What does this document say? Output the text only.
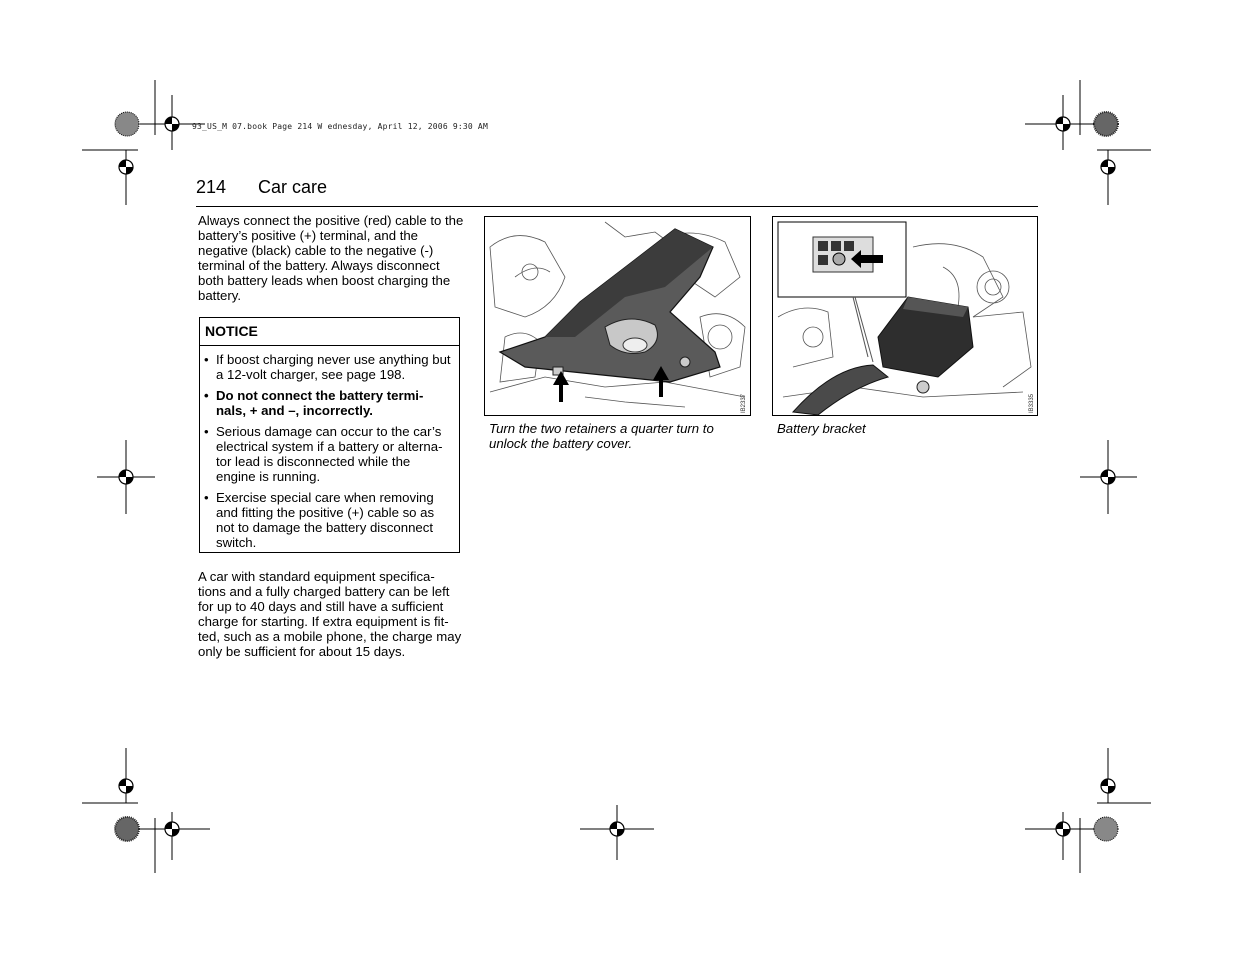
93_US_M 07.book Page 214 W ednesday, April 12, 2006 9:30 AM
214 Car care

Always connect the positive (red) cable to the battery’s positive (+) terminal, and the negative (black) cable to the negative (-) terminal of the battery. Always disconnect both battery leads when boost charging the battery.

NOTICE
• If boost charging never use anything but a 12-volt charger, see page 198.
• Do not connect the battery termi- nals, + and –, incorrectly.
• Serious damage can occur to the car’s electrical system if a battery or alterna- tor lead is disconnected while the engine is running.
• Exercise special care when removing and fitting the positive (+) cable so as not to damage the battery disconnect switch.

A car with standard equipment specifica- tions and a fully charged battery can be left for up to 40 days and still have a sufficient charge for starting. If extra equipment is fit- ted, such as a mobile phone, the charge may only be sufficient for about 15 days.

IB2337

Turn the two retainers a quarter turn to unlock the battery cover.

IB3335

Battery bracket
